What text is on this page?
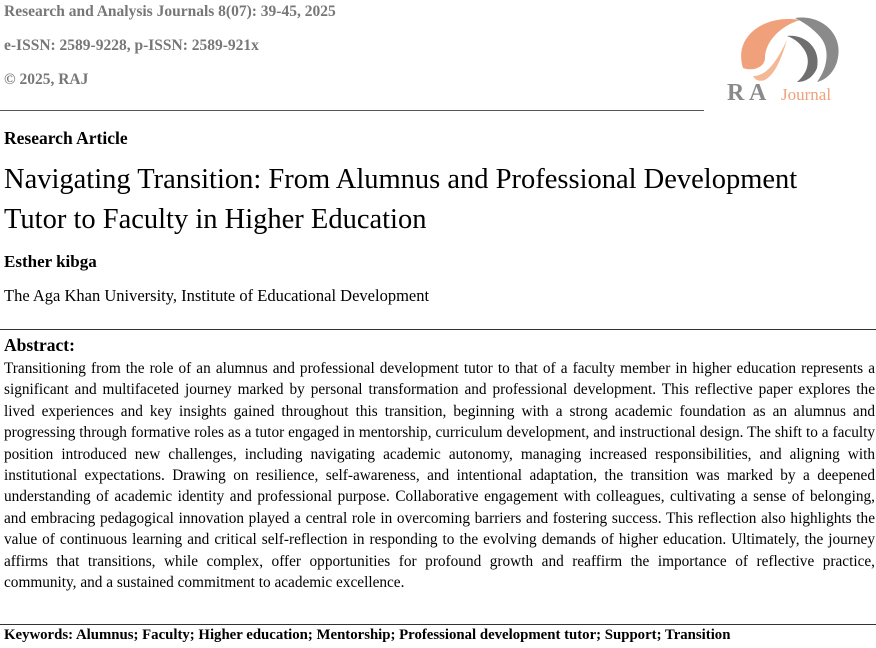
Research and Analysis Journals 8(07): 39-45, 2025
e-ISSN: 2589-9228, p-ISSN: 2589-921x
© 2025, RAJ
R A Journal
Research Article
Navigating Transition: From Alumnus and Professional Development Tutor to Faculty in Higher Education
Esther kibga
The Aga Khan University, Institute of Educational Development
Abstract:
Transitioning from the role of an alumnus and professional development tutor to that of a faculty member in higher education represents a significant and multifaceted journey marked by personal transformation and professional development. This reflective paper explores the lived experiences and key insights gained throughout this transition, beginning with a strong academic foundation as an alumnus and progressing through formative roles as a tutor engaged in mentorship, curriculum development, and instructional design. The shift to a faculty position introduced new challenges, including navigating academic autonomy, managing increased responsibilities, and aligning with institutional expectations. Drawing on resilience, self-awareness, and intentional adaptation, the transition was marked by a deepened understanding of academic identity and professional purpose. Collaborative engagement with colleagues, cultivating a sense of belonging, and embracing pedagogical innovation played a central role in overcoming barriers and fostering success. This reflection also highlights the value of continuous learning and critical self-reflection in responding to the evolving demands of higher education. Ultimately, the journey affirms that transitions, while complex, offer opportunities for profound growth and reaffirm the importance of reflective practice, community, and a sustained commitment to academic excellence.
Keywords: Alumnus; Faculty; Higher education; Mentorship; Professional development tutor; Support; Transition
